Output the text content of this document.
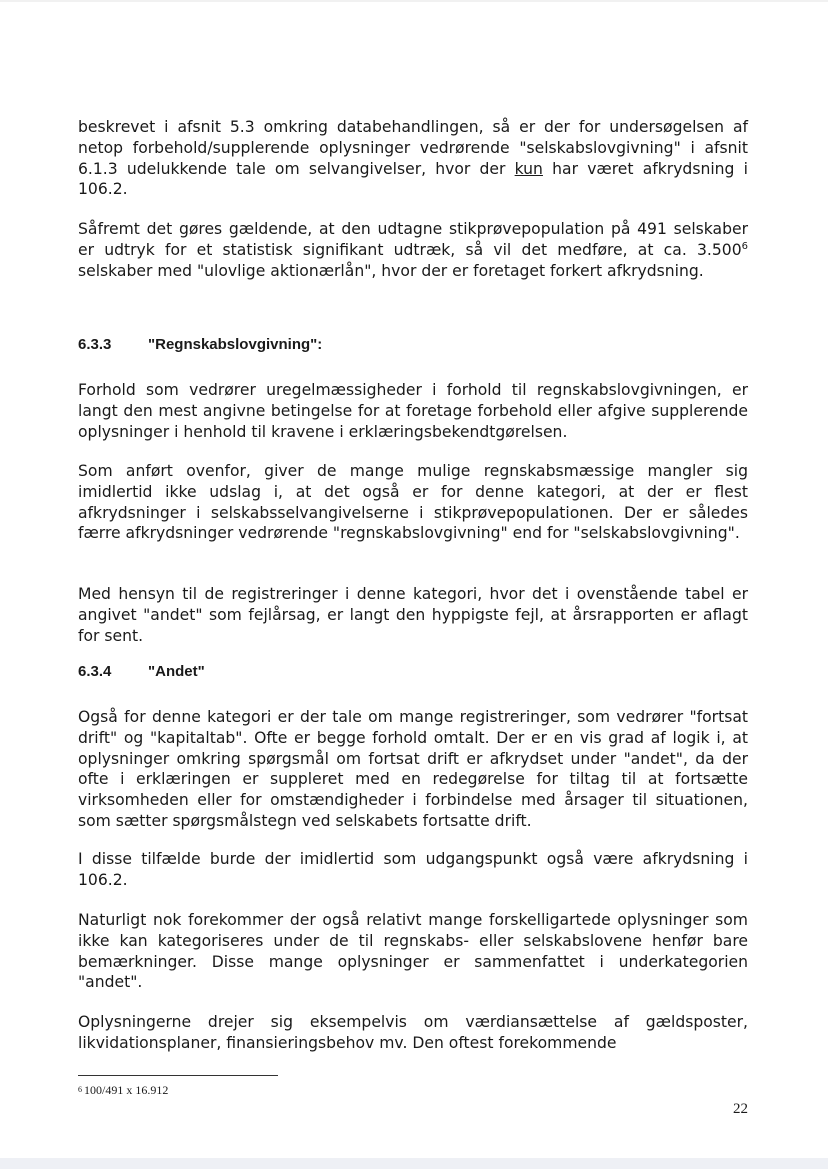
beskrevet i afsnit 5.3 omkring databehandlingen, så er der for undersøgelsen af netop forbehold/supplerende oplysninger vedrørende "selskabslovgivning" i afsnit 6.1.3 udelukkende tale om selvangivelser, hvor der kun har været afkrydsning i 106.2.

Såfremt det gøres gældende, at den udtagne stikprøvepopulation på 491 selskaber er udtryk for et statistisk signifikant udtræk, så vil det medføre, at ca. 3.500$^6$ selskaber med "ulovlige aktionærlån", hvor der er foretaget forkert afkrydsning.

6.3.3 "Regnskabslovgivning":

Forhold som vedrører uregelmæssigheder i forhold til regnskabslovgivningen, er langt den mest angivne betingelse for at foretage forbehold eller afgive supplerende oplysninger i henhold til kravene i erklæringsbekendtgørelsen.

Som anført ovenfor, giver de mange mulige regnskabsmæssige mangler sig imidlertid ikke udslag i, at det også er for denne kategori, at der er flest afkrydsninger i selskabsselvangivelserne i stikprøvepopulationen. Der er således færre afkrydsninger vedrørende "regnskabslovgivning" end for "selskabslovgivning".

Med hensyn til de registreringer i denne kategori, hvor det i ovenstående tabel er angivet "andet" som fejlårsag, er langt den hyppigste fejl, at årsrapporten er aflagt for sent.

6.3.4 "Andet"

Også for denne kategori er der tale om mange registreringer, som vedrører "fortsat drift" og "kapitaltab". Ofte er begge forhold omtalt. Der er en vis grad af logik i, at oplysninger omkring spørgsmål om fortsat drift er afkrydset under "andet", da der ofte i erklæringen er suppleret med en redegørelse for tiltag til at fortsætte virksomheden eller for omstændigheder i forbindelse med årsager til situationen, som sætter spørgsmålstegn ved selskabets fortsatte drift.

I disse tilfælde burde der imidlertid som udgangspunkt også være afkrydsning i 106.2.

Naturligt nok forekommer der også relativt mange forskelligartede oplysninger som ikke kan kategoriseres under de til regnskabs- eller selskabslovene henfør bare bemærkninger. Disse mange oplysninger er sammenfattet i underkategorien "andet".

Oplysningerne drejer sig eksempelvis om værdiansættelse af gældsposter, likvidationsplaner, finansieringsbehov mv. Den oftest forekommende

$^6$ 100/491 x 16.912
22
